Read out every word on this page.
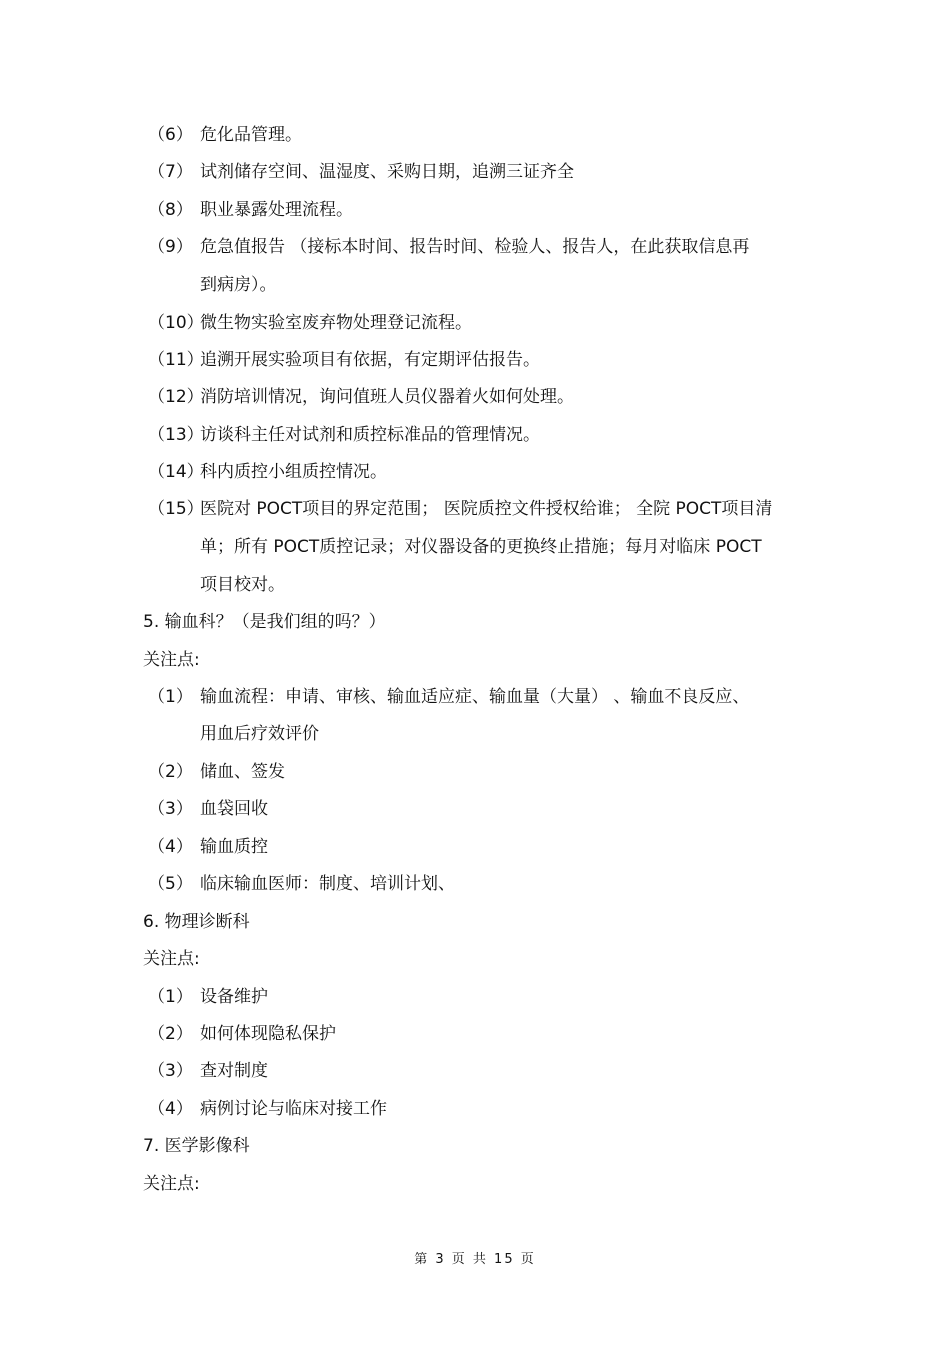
（6） 危化品管理。
（7） 试剂储存空间、温湿度、采购日期，追溯三证齐全
（8） 职业暴露处理流程。
（9） 危急值报告 （接标本时间、报告时间、检验人、报告人，在此获取信息再
到病房）。
（10）
微生物实验室废弃物处理登记流程。
（11）
追溯开展实验项目有依据，有定期评估报告。
（12）
消防培训情况，询问值班人员仪器着火如何处理。
（13）
访谈科主任对试剂和质控标准品的管理情况。
（14）
科内质控小组质控情况。
（15）
医院对 POCT项目的界定范围； 医院质控文件授权给谁； 全院 POCT项目清
单；所有 POCT质控记录；对仪器设备的更换终止措施；每月对临床 POCT
项目校对。
5. 输血科？（是我们组的吗？）
关注点:
（1） 输血流程：申请、审核、输血适应症、输血量（大量） 、输血不良反应、
用血后疗效评价
（2） 储血、签发
（3） 血袋回收
（4） 输血质控
（5） 临床输血医师：制度、培训计划、
6. 物理诊断科
关注点:
（1） 设备维护
（2） 如何体现隐私保护
（3） 查对制度
（4） 病例讨论与临床对接工作
7. 医学影像科
关注点:
第 3 页 共 15 页
